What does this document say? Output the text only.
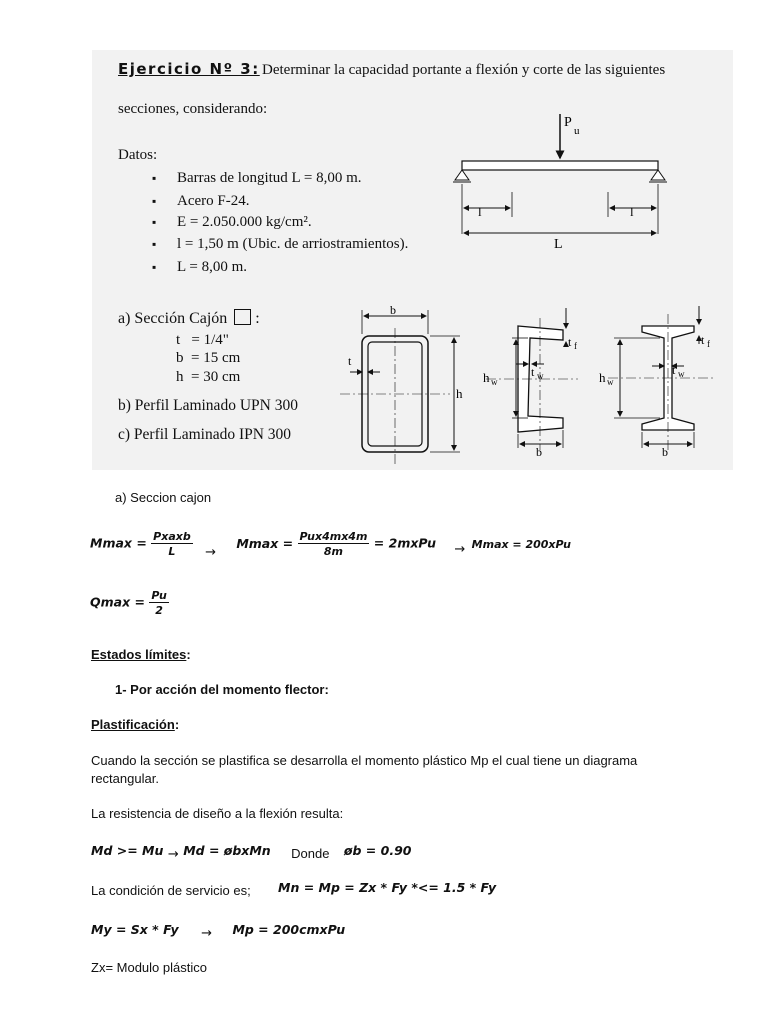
Ejercicio Nº 3: Determinar la capacidad portante a flexión y corte de las siguientes
secciones, considerando:
Datos:
▪ Barras de longitud L = 8,00 m.
▪ Acero F-24.
▪ E = 2.050.000 kg/cm².
▪ l = 1,50 m (Ubic. de arriostramientos).
▪ L = 8,00 m.
a) Sección Cajón :
t = 1/4"
b = 15 cm
h = 30 cm
b) Perfil Laminado UPN 300
c) Perfil Laminado IPN 300
P
u
l	l
L
b
t
h
t f
h w
t w
b
t f
h w
t w
b
a) Seccion cajon
$Mmax = \frac{\text{Pxaxb}}{L} \to Mmax = \frac{\text{Pux4mx4m}}{8m}$ = 2mxPu → Mmax = 200xPu
$Qmax = \frac{Pu}{2}$
Estados límites:
1- Por acción del momento flector:
Plastificación:
Cuando la sección se plastifica se desarrolla el momento plástico Mp el cual tiene un diagrama
rectangular.
La resistencia de diseño a la flexión resulta:
Md >= Mu → Md = øbxMn Donde øb = 0.90
La condición de servicio es; Mn = Mp = Zx * Fy *<= 1.5 * Fy
My = Sx * Fy → Mp = 200cmxPu
Zx= Modulo plástico
